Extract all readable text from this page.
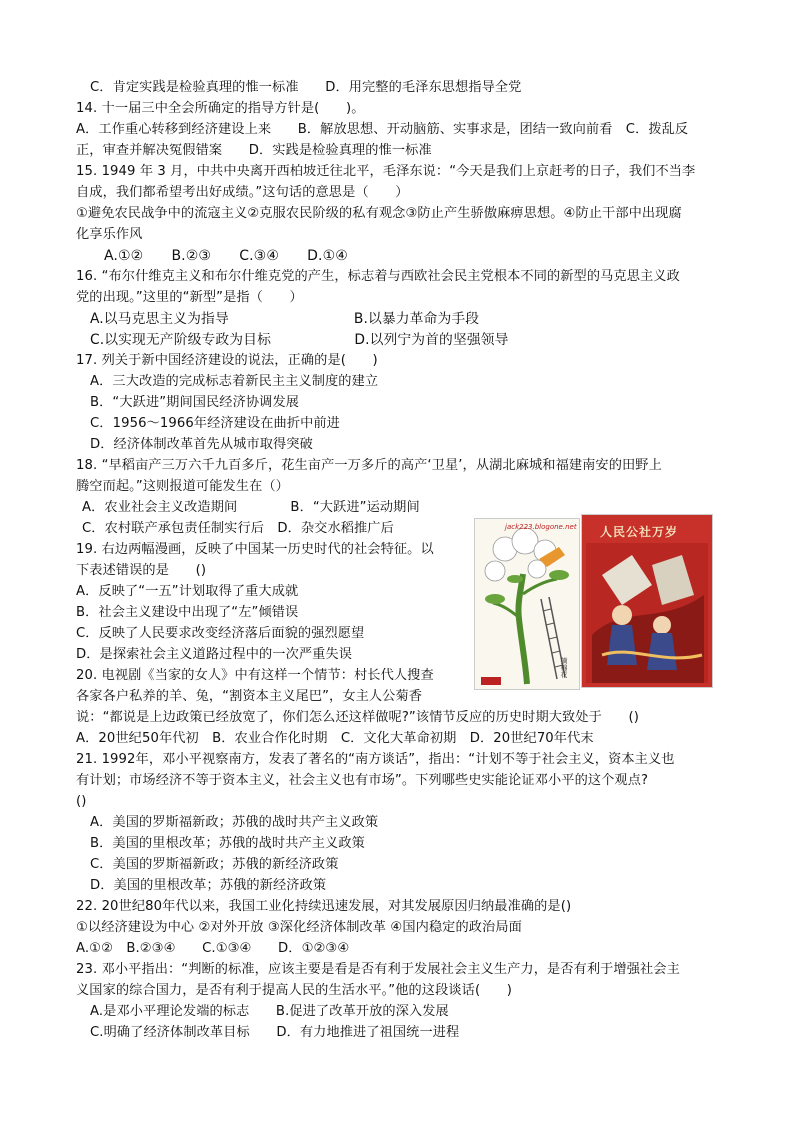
C．肯定实践是检验真理的惟一标准　　D．用完整的毛泽东思想指导全党
14. 十一届三中全会所确定的指导方针是(　　)。
A．工作重心转移到经济建设上来　　B．解放思想、开动脑筋、实事求是，团结一致向前看　C．拨乱反
正，审查并解决冤假错案　　D．实践是检验真理的惟一标准
15. 1949 年 3 月，中共中央离开西柏坡迁往北平，毛泽东说：“今天是我们上京赶考的日子，我们不当李
自成，我们都希望考出好成绩。”这句话的意思是（　　）
①避免农民战争中的流寇主义②克服农民阶级的私有观念③防止产生骄傲麻痹思想。④防止干部中出现腐
化享乐作风
A.①②　　B.②③　　C.③④　　D.①④
16. “布尔什维克主义和布尔什维克党的产生，标志着与西欧社会民主党根本不同的新型的马克思主义政
党的出现。”这里的“新型”是指（　　）
A.以马克思主义为指导　　　　　　　　　B.以暴力革命为手段
C.以实现无产阶级专政为目标　　　　　　D.以列宁为首的坚强领导
17. 列关于新中国经济建设的说法，正确的是(　　)
A．三大改造的完成标志着新民主主义制度的建立
B．“大跃进”期间国民经济协调发展
C．1956～1966年经济建设在曲折中前进
D．经济体制改革首先从城市取得突破
18. “早稻亩产三万六千九百多斤，花生亩产一万多斤的高产‘卫星’，从湖北麻城和福建南安的田野上
腾空而起。”这则报道可能发生在（）
A．农业社会主义改造期间　　　　B．“大跃进”运动期间
C．农村联产承包责任制实行后　D．杂交水稻推广后
19. 右边两幅漫画，反映了中国某一历史时代的社会特征。以
下表述错误的是　　()
A．反映了“一五”计划取得了重大成就
B．社会主义建设中出现了“左”倾错误
C．反映了人民要求改变经济落后面貌的强烈愿望
D．是探索社会主义道路过程中的一次严重失误
20. 电视剧《当家的女人》中有这样一个情节：村长代人搜查
各家各户私养的羊、兔，“割资本主义尾巴”，女主人公菊香
说：“都说是上边政策已经放宽了，你们怎么还这样做呢?”该情节反应的历史时期大致处于　　()
A．20世纪50年代初　B．农业合作化时期　C．文化大革命初期　D．20世纪70年代末
21. 1992年，邓小平视察南方，发表了著名的“南方谈话”，指出：“计划不等于社会主义，资本主义也
有计划；市场经济不等于资本主义，社会主义也有市场”。下列哪些史实能论证邓小平的这个观点?
()
A．美国的罗斯福新政；苏俄的战时共产主义政策
B．美国的里根改革；苏俄的战时共产主义政策
C．美国的罗斯福新政；苏俄的新经济政策
D．美国的里根改革；苏俄的新经济政策
22. 20世纪80年代以来，我国工业化持续迅速发展，对其发展原因归纳最准确的是()
①以经济建设为中心 ②对外开放 ③深化经济体制改革 ④国内稳定的政治局面
A.①②　B.②③④　　C.①③④　　D．①②③④
23. 邓小平指出：“判断的标准，应该主要是看是否有利于发展社会主义生产力，是否有利于增强社会主
义国家的综合国力，是否有利于提高人民的生活水平。”他的这段谈话(　　)
A.是邓小平理论发端的标志　　B.促进了改革开放的深入发展
C.明确了经济体制改革目标　　D．有力地推进了祖国统一进程
jack223.blogone.net
摘棉花
人民公社万岁
